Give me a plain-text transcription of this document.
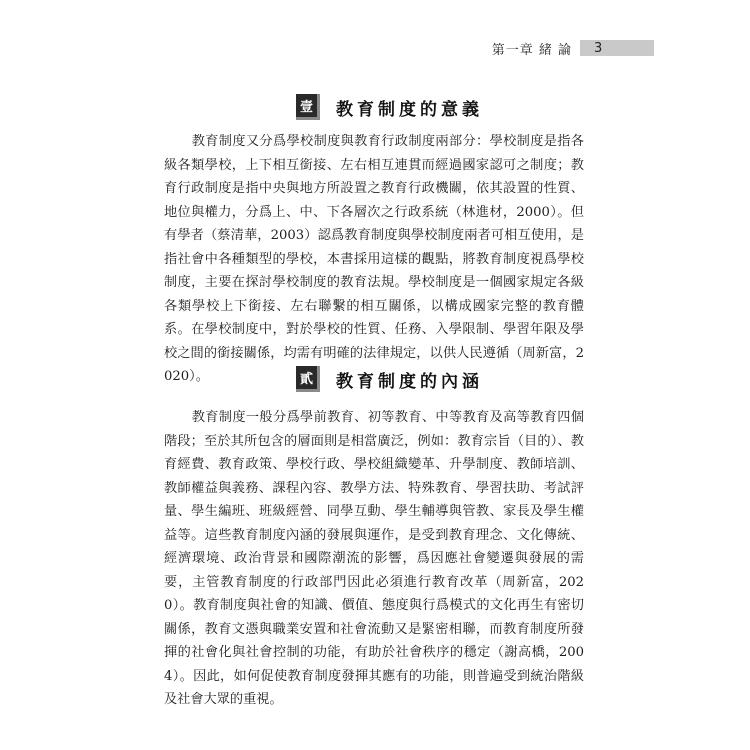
第一章 緒 論	3
壹	教育制度的意義

教育制度又分爲學校制度與教育行政制度兩部分：學校制度是指各級各類學校，上下相互銜接、左右相互連貫而經過國家認可之制度；教育行政制度是指中央與地方所設置之教育行政機關，依其設置的性質、地位與權力，分爲上、中、下各層次之行政系統（林進材，2000）。但有學者（蔡清華，2003）認爲教育制度與學校制度兩者可相互使用，是指社會中各種類型的學校，本書採用這樣的觀點，將教育制度視爲學校制度，主要在探討學校制度的教育法規。學校制度是一個國家規定各級各類學校上下銜接、左右聯繫的相互關係，以構成國家完整的教育體系。在學校制度中，對於學校的性質、任務、入學限制、學習年限及學校之間的銜接關係，均需有明確的法律規定，以供人民遵循（周新富，2020）。	貳	教育制度的內涵

教育制度一般分爲學前教育、初等教育、中等教育及高等教育四個階段；至於其所包含的層面則是相當廣泛，例如：教育宗旨（目的）、教育經費、教育政策、學校行政、學校組織變革、升學制度、教師培訓、教師權益與義務、課程內容、教學方法、特殊教育、學習扶助、考試評量、學生編班、班級經營、同學互動、學生輔導與管教、家長及學生權益等。這些教育制度內涵的發展與運作，是受到教育理念、文化傳統、經濟環境、政治背景和國際潮流的影響，爲因應社會變遷與發展的需要，主管教育制度的行政部門因此必須進行教育改革（周新富，2020）。教育制度與社會的知識、價值、態度與行爲模式的文化再生有密切關係，教育文憑與職業安置和社會流動又是緊密相聯，而教育制度所發揮的社會化與社會控制的功能，有助於社會秩序的穩定（謝高橋，2004）。因此，如何促使教育制度發揮其應有的功能，則普遍受到統治階級及社會大眾的重視。
